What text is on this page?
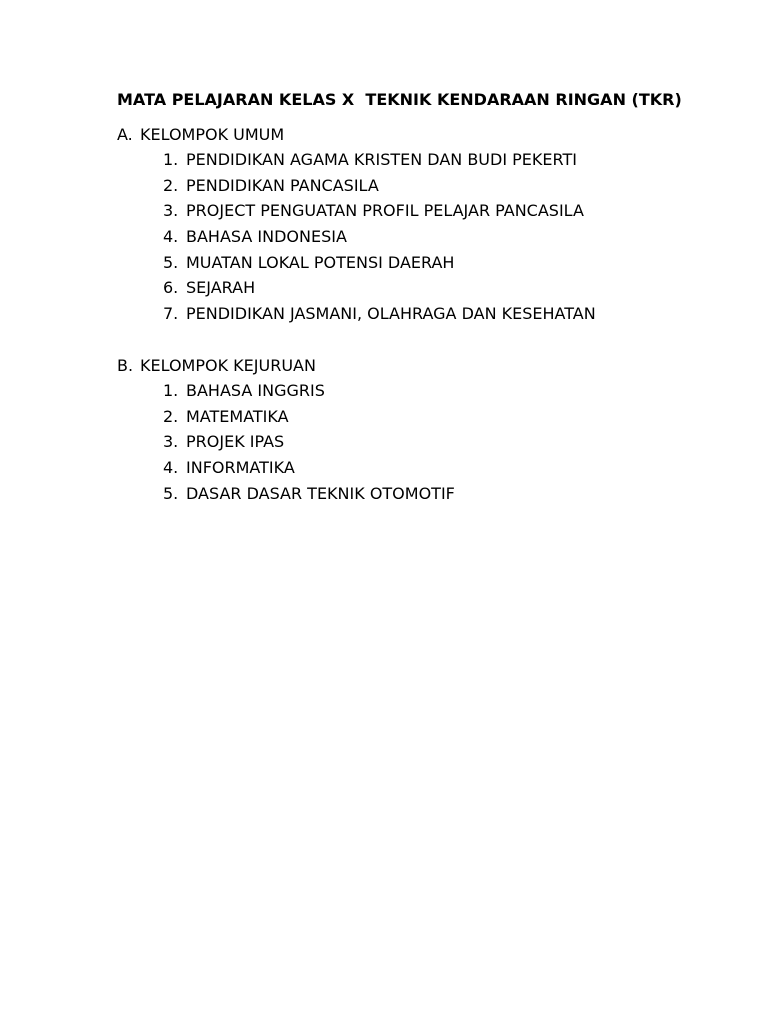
MATA PELAJARAN KELAS X  TEKNIK KENDARAAN RINGAN (TKR)
A. KELOMPOK UMUM
1. PENDIDIKAN AGAMA KRISTEN DAN BUDI PEKERTI
2. PENDIDIKAN PANCASILA
3. PROJECT PENGUATAN PROFIL PELAJAR PANCASILA
4. BAHASA INDONESIA
5. MUATAN LOKAL POTENSI DAERAH
6. SEJARAH
7. PENDIDIKAN JASMANI, OLAHRAGA DAN KESEHATAN
B. KELOMPOK KEJURUAN
1. BAHASA INGGRIS
2. MATEMATIKA
3. PROJEK IPAS
4. INFORMATIKA
5. DASAR DASAR TEKNIK OTOMOTIF
